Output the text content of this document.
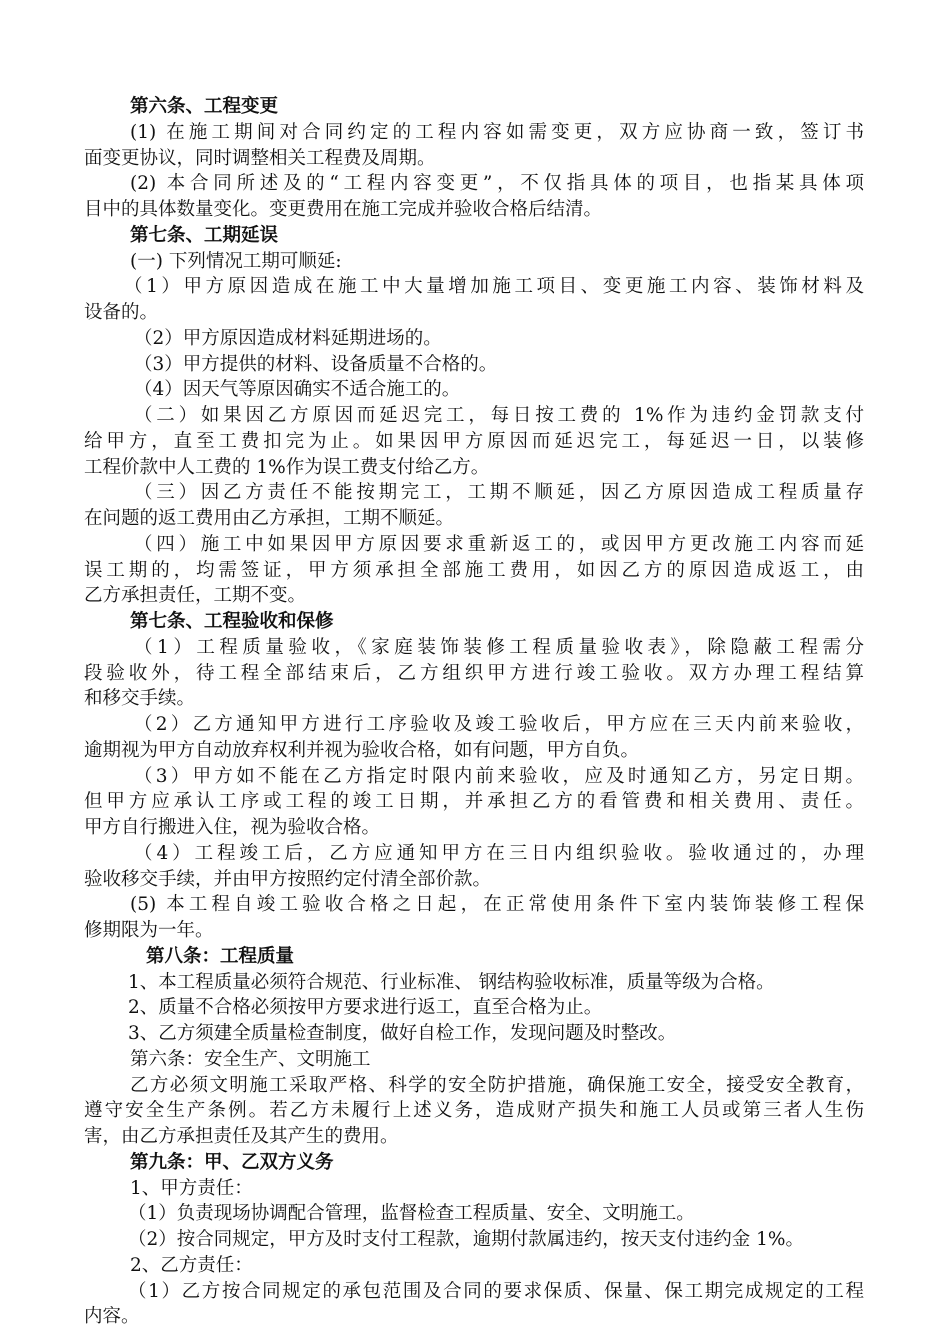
第六条、工程变更
(1) 在施工期间对合同约定的工程内容如需变更，双方应协商一致，签订书
面变更协议，同时调整相关工程费及周期。
(2) 本合同所述及的“工程内容变更”，不仅指具体的项目，也指某具体项
目中的具体数量变化。变更费用在施工完成并验收合格后结清。
第七条、工期延误
(一) 下列情况工期可顺延:
（1）甲方原因造成在施工中大量增加施工项目、变更施工内容、装饰材料及
设备的。
（2）甲方原因造成材料延期进场的。
（3）甲方提供的材料、设备质量不合格的。
（4）因天气等原因确实不适合施工的。
（二）如果因乙方原因而延迟完工，每日按工费的 1%作为违约金罚款支付
给甲方，直至工费扣完为止。如果因甲方原因而延迟完工，每延迟一日，以装修
工程价款中人工费的 1%作为误工费支付给乙方。
（三）因乙方责任不能按期完工，工期不顺延，因乙方原因造成工程质量存
在问题的返工费用由乙方承担，工期不顺延。
（四）施工中如果因甲方原因要求重新返工的，或因甲方更改施工内容而延
误工期的，均需签证，甲方须承担全部施工费用，如因乙方的原因造成返工，由
乙方承担责任，工期不变。
第七条、工程验收和保修
（1）工程质量验收，《家庭装饰装修工程质量验收表》，除隐蔽工程需分
段验收外，待工程全部结束后，乙方组织甲方进行竣工验收。双方办理工程结算
和移交手续。
（2）乙方通知甲方进行工序验收及竣工验收后，甲方应在三天内前来验收，
逾期视为甲方自动放弃权利并视为验收合格，如有问题，甲方自负。
（3）甲方如不能在乙方指定时限内前来验收，应及时通知乙方，另定日期。
但甲方应承认工序或工程的竣工日期，并承担乙方的看管费和相关费用、责任。
甲方自行搬进入住，视为验收合格。
（4）工程竣工后，乙方应通知甲方在三日内组织验收。验收通过的，办理
验收移交手续，并由甲方按照约定付清全部价款。
(5) 本工程自竣工验收合格之日起，在正常使用条件下室内装饰装修工程保
修期限为一年。
第八条：工程质量
1、本工程质量必须符合规范、行业标准、 钢结构验收标准，质量等级为合格。
2、质量不合格必须按甲方要求进行返工，直至合格为止。
3、乙方须建全质量检查制度，做好自检工作，发现问题及时整改。
第六条：安全生产、文明施工
乙方必须文明施工采取严格、科学的安全防护措施，确保施工安全，接受安全教育，
遵守安全生产条例。若乙方未履行上述义务，造成财产损失和施工人员或第三者人生伤
害，由乙方承担责任及其产生的费用。
第九条：甲、乙双方义务
1、甲方责任：
（1）负责现场协调配合管理，监督检查工程质量、安全、文明施工。
（2）按合同规定，甲方及时支付工程款，逾期付款属违约，按天支付违约金 1%。
2、乙方责任：
（1）乙方按合同规定的承包范围及合同的要求保质、保量、保工期完成规定的工程
内容。
